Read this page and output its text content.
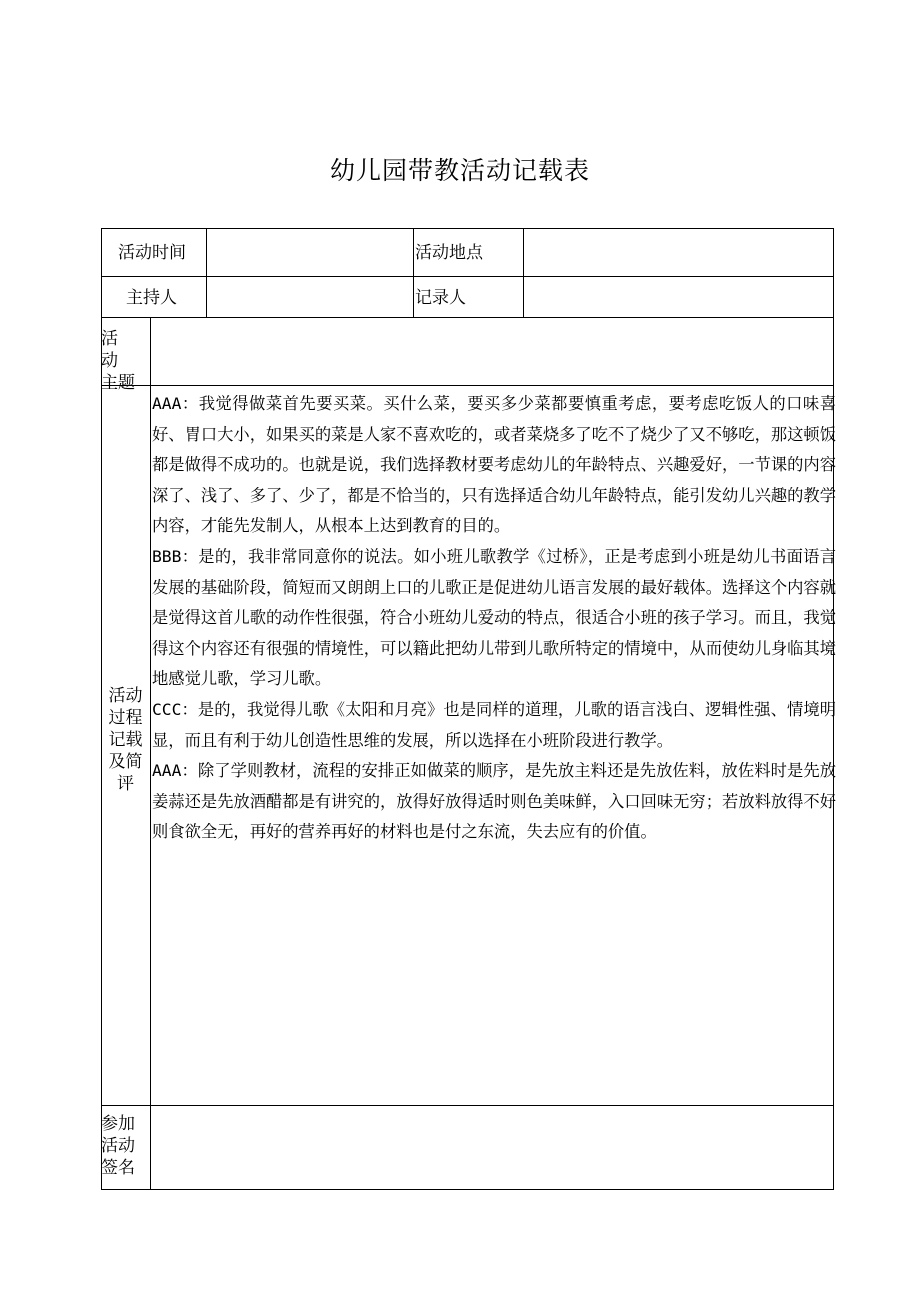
幼儿园带教活动记载表
活动时间	活动地点
主持人	记录人
活 动
主题
活动
过程
记载
及简
评

AAA：我觉得做菜首先要买菜。买什么菜，要买多少菜都要慎重考虑，要考虑吃饭人的口味喜好、胃口大小，如果买的菜是人家不喜欢吃的，或者菜烧多了吃不了烧少了又不够吃，那这顿饭都是做得不成功的。也就是说，我们选择教材要考虑幼儿的年龄特点、兴趣爱好，一节课的内容深了、浅了、多了、少了，都是不恰当的，只有选择适合幼儿年龄特点，能引发幼儿兴趣的教学内容，才能先发制人，从根本上达到教育的目的。

BBB：是的，我非常同意你的说法。如小班儿歌教学《过桥》，正是考虑到小班是幼儿书面语言发展的基础阶段，简短而又朗朗上口的儿歌正是促进幼儿语言发展的最好载体。选择这个内容就是觉得这首儿歌的动作性很强，符合小班幼儿爱动的特点，很适合小班的孩子学习。而且，我觉得这个内容还有很强的情境性，可以籍此把幼儿带到儿歌所特定的情境中，从而使幼儿身临其境地感觉儿歌，学习儿歌。

CCC：是的，我觉得儿歌《太阳和月亮》也是同样的道理，儿歌的语言浅白、逻辑性强、情境明显，而且有利于幼儿创造性思维的发展，所以选择在小班阶段进行教学。

AAA：除了学则教材，流程的安排正如做菜的顺序，是先放主料还是先放佐料，放佐料时是先放姜蒜还是先放酒醋都是有讲究的，放得好放得适时则色美味鲜，入口回味无穷；若放料放得不好则食欲全无，再好的营养再好的材料也是付之东流，失去应有的价值。

参加
活动
签名
